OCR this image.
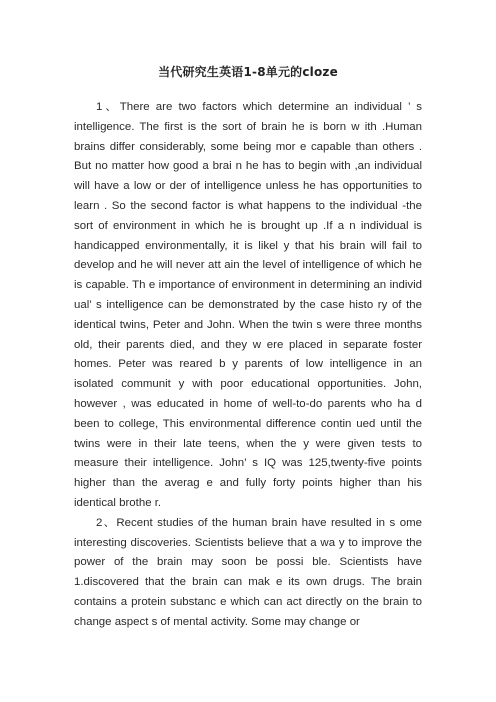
当代研究生英语1-8单元的cloze

1、There are two factors which determine an individual ’ s intelligence. The first is the sort of brain he is born w ith .Human brains differ considerably, some being mor e capable than others . But no matter how good a brai n he has to begin with ,an individual will have a low or der of intelligence unless he has opportunities to learn . So the second factor is what happens to the individual -the sort of environment in which he is brought up .If a n individual is handicapped environmentally, it is likel y that his brain will fail to develop and he will never att ain the level of intelligence of which he is capable. Th e importance of environment in determining an individ ual’ s intelligence can be demonstrated by the case histo ry of the identical twins, Peter and John. When the twin s were three months old, their parents died, and they w ere placed in separate foster homes. Peter was reared b y parents of low intelligence in an isolated communit y with poor educational opportunities. John, however , was educated in home of well-to-do parents who ha d been to college, This environmental difference contin ued until the twins were in their late teens, when the y were given tests to measure their intelligence. John’ s IQ was 125,twenty-five points higher than the averag e and fully forty points higher than his identical brothe r.

2、Recent studies of the human brain have resulted in s ome interesting discoveries. Scientists believe that a wa y to improve the power of the brain may soon be possi ble. Scientists have 1.discovered that the brain can mak e its own drugs. The brain contains a protein substanc e which can act directly on the brain to change aspect s of mental activity. Some may change or
